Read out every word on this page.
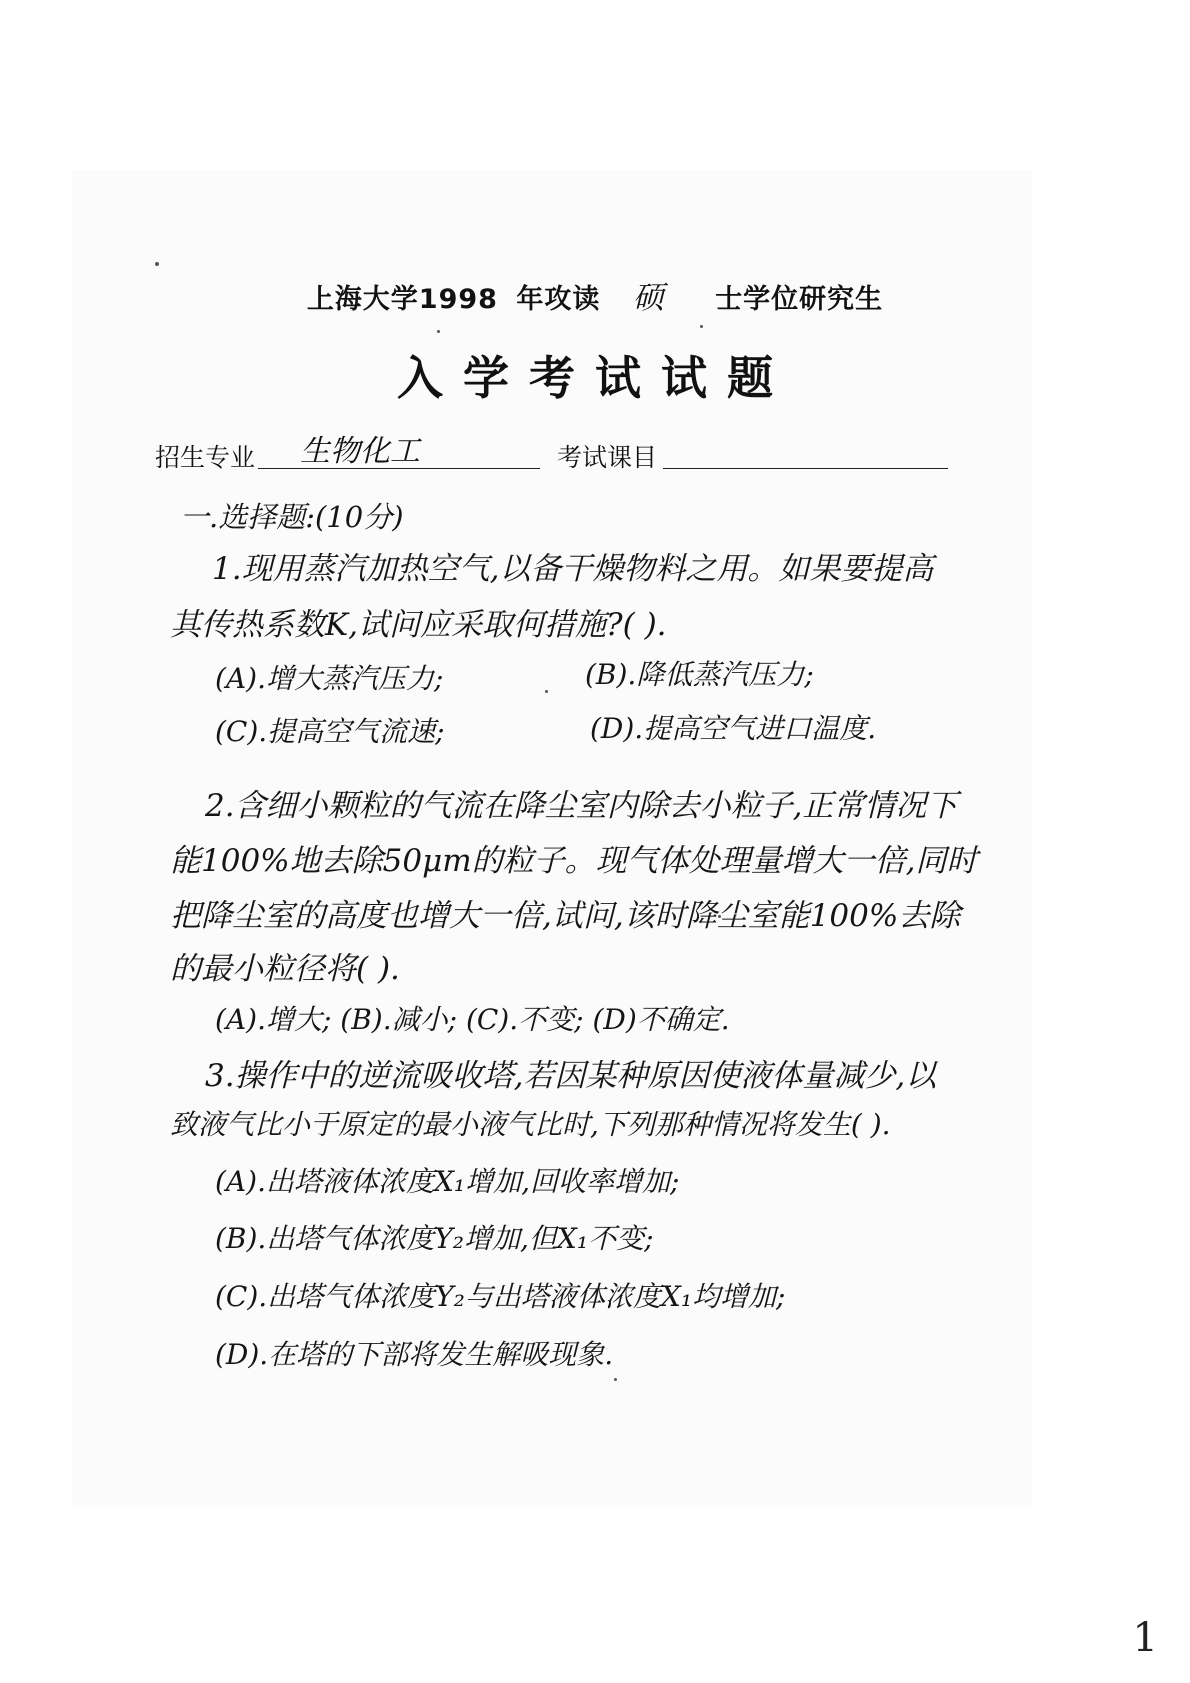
上海大学1998 年攻读 硕 士学位研究生
入学考试试题
招生专业 生物化工	考试课目
一.选择题:(10分)
1.现用蒸汽加热空气,以备干燥物料之用。如果要提高
其传热系数K,试问应采取何措施?( ).
(A).增大蒸汽压力;	(B).降低蒸汽压力;
(C).提高空气流速;	(D).提高空气进口温度.
2.含细小颗粒的气流在降尘室内除去小粒子,正常情况下
能100%地去除50μm的粒子。现气体处理量增大一倍,同时
把降尘室的高度也增大一倍,试问,该时降尘室能100%去除
的最小粒径将( ).
(A).增大; (B).减小; (C).不变; (D)不确定.
3.操作中的逆流吸收塔,若因某种原因使液体量减少,以
致液气比小于原定的最小液气比时,下列那种情况将发生( ).
(A).出塔液体浓度X₁增加,回收率增加;
(B).出塔气体浓度Y₂增加,但X₁不变;
(C).出塔气体浓度Y₂与出塔液体浓度X₁均增加;
(D).在塔的下部将发生解吸现象.
1
